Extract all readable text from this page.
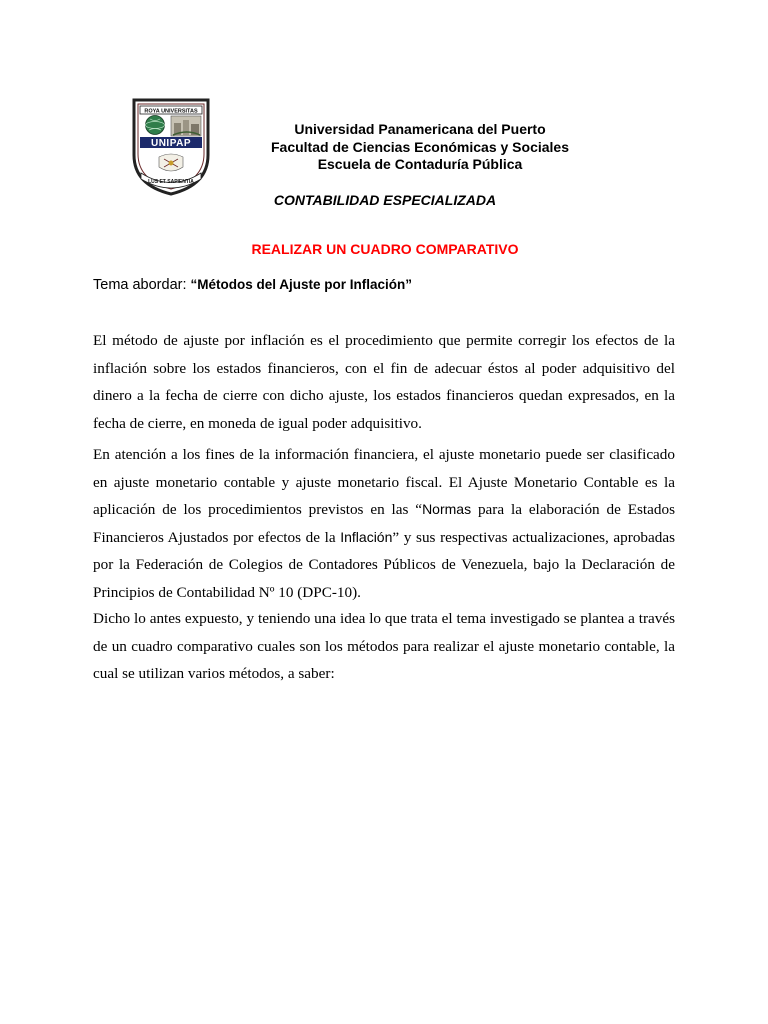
ROYA UNIVERSITAS
UNIPAP
LUS ET SAPIENTIA
Universidad Panamericana del Puerto
Facultad de Ciencias Económicas y Sociales
Escuela de Contaduría Pública
CONTABILIDAD ESPECIALIZADA
REALIZAR UN CUADRO COMPARATIVO
Tema abordar: “Métodos del Ajuste por Inflación”

El método de ajuste por inflación es el procedimiento que permite corregir los efectos de la inflación sobre los estados financieros, con el fin de adecuar éstos al poder adquisitivo del dinero a la fecha de cierre con dicho ajuste, los estados financieros quedan expresados, en la fecha de cierre, en moneda de igual poder adquisitivo.

En atención a los fines de la información financiera, el ajuste monetario puede ser clasificado en ajuste monetario contable y ajuste monetario fiscal. El Ajuste Monetario Contable es la aplicación de los procedimientos previstos en las “Normas para la elaboración de Estados Financieros Ajustados por efectos de la Inflación” y sus respectivas actualizaciones, aprobadas por la Federación de Colegios de Contadores Públicos de Venezuela, bajo la Declaración de Principios de Contabilidad Nº 10 (DPC-10).

Dicho lo antes expuesto, y teniendo una idea lo que trata el tema investigado se plantea a través de un cuadro comparativo cuales son los métodos para realizar el ajuste monetario contable, la cual se utilizan varios métodos, a saber:
